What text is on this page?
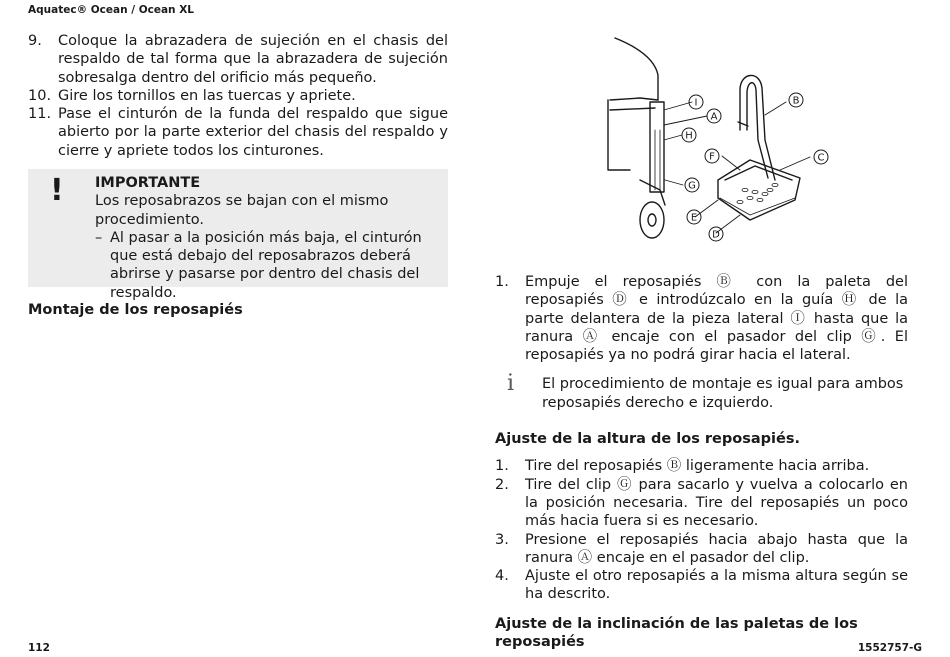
Aquatec® Ocean / Ocean XL
9.	Coloque la abrazadera de sujeción en el chasis del respaldo de tal forma que la abrazadera de sujeción sobresalga dentro del orificio más pequeño.
10. Gire los tornillos en las tuercas y apriete.
11. Pase el cinturón de la funda del respaldo que sigue abierto por la parte exterior del chasis del respaldo y cierre y apriete todos los cinturones.
! IMPORTANTE
Los reposabrazos se bajan con el mismo procedimiento.
– Al pasar a la posición más baja, el cinturón que está debajo del reposabrazos deberá abrirse y pasarse por dentro del chasis del respaldo.
Montaje de los reposapiés
I
A
H
B
C
F
G
E
D
1.	Empuje el reposapiés Ⓑ con la paleta del reposapiés Ⓓ e introdúzcalo en la guía Ⓗ de la parte delantera de la pieza lateral Ⓘ hasta que la ranura Ⓐ encaje con el pasador del clip Ⓖ. El reposapiés ya no podrá girar hacia el lateral.
i	El procedimiento de montaje es igual para ambos reposapiés derecho e izquierdo.
Ajuste de la altura de los reposapiés.
1.	Tire del reposapiés Ⓑ ligeramente hacia arriba.
2.	Tire del clip Ⓖ para sacarlo y vuelva a colocarlo en la posición necesaria. Tire del reposapiés un poco más hacia fuera si es necesario.
3.	Presione el reposapiés hacia abajo hasta que la ranura Ⓐ encaje en el pasador del clip.
4.	Ajuste el otro reposapiés a la misma altura según se ha descrito.
Ajuste de la inclinación de las paletas de los reposapiés
112	1552757-G
